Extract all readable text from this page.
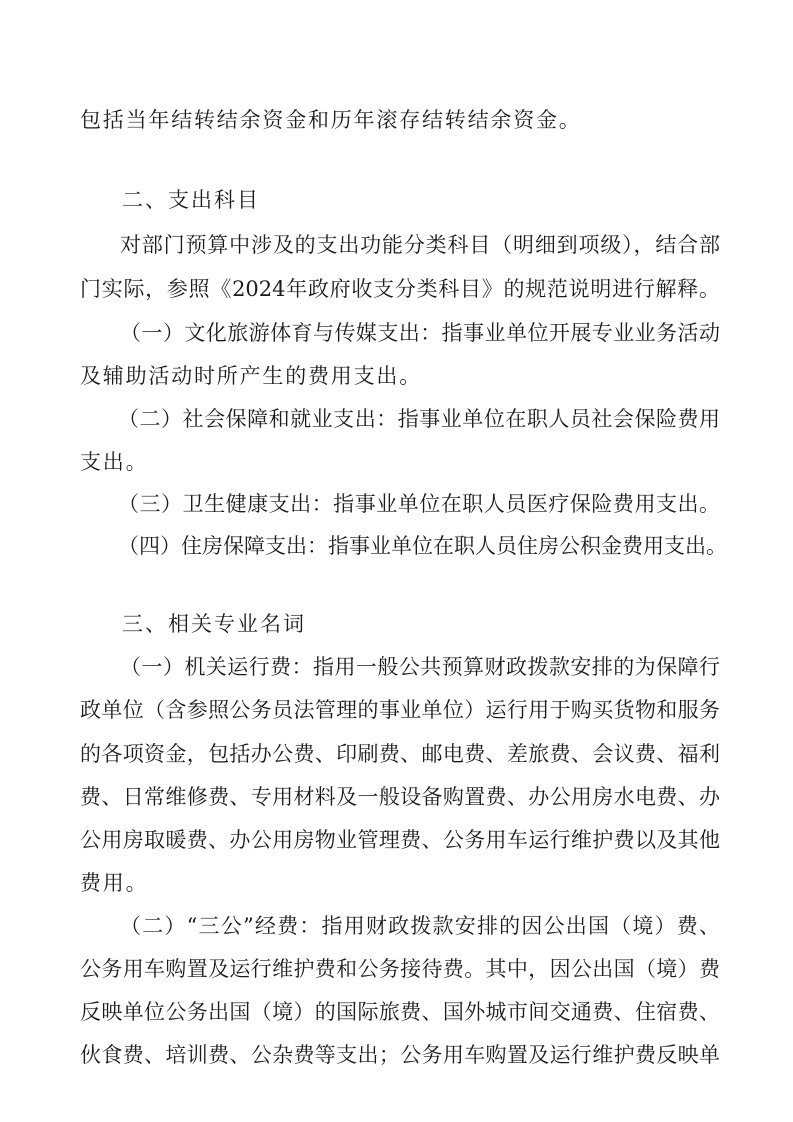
包括当年结转结余资金和历年滚存结转结余资金。
二、支出科目
对部门预算中涉及的支出功能分类科目（明细到项级），结合部
门实际，参照《2024年政府收支分类科目》的规范说明进行解释。
（一）文化旅游体育与传媒支出：指事业单位开展专业业务活动
及辅助活动时所产生的费用支出。
（二）社会保障和就业支出：指事业单位在职人员社会保险费用
支出。
（三）卫生健康支出：指事业单位在职人员医疗保险费用支出。
（四）住房保障支出：指事业单位在职人员住房公积金费用支出。
三、相关专业名词
（一）机关运行费：指用一般公共预算财政拨款安排的为保障行
政单位（含参照公务员法管理的事业单位）运行用于购买货物和服务
的各项资金，包括办公费、印刷费、邮电费、差旅费、会议费、福利
费、日常维修费、专用材料及一般设备购置费、办公用房水电费、办
公用房取暖费、办公用房物业管理费、公务用车运行维护费以及其他
费用。
（二）“三公”经费：指用财政拨款安排的因公出国（境）费、
公务用车购置及运行维护费和公务接待费。其中，因公出国（境）费
反映单位公务出国（境）的国际旅费、国外城市间交通费、住宿费、
伙食费、培训费、公杂费等支出；公务用车购置及运行维护费反映单
